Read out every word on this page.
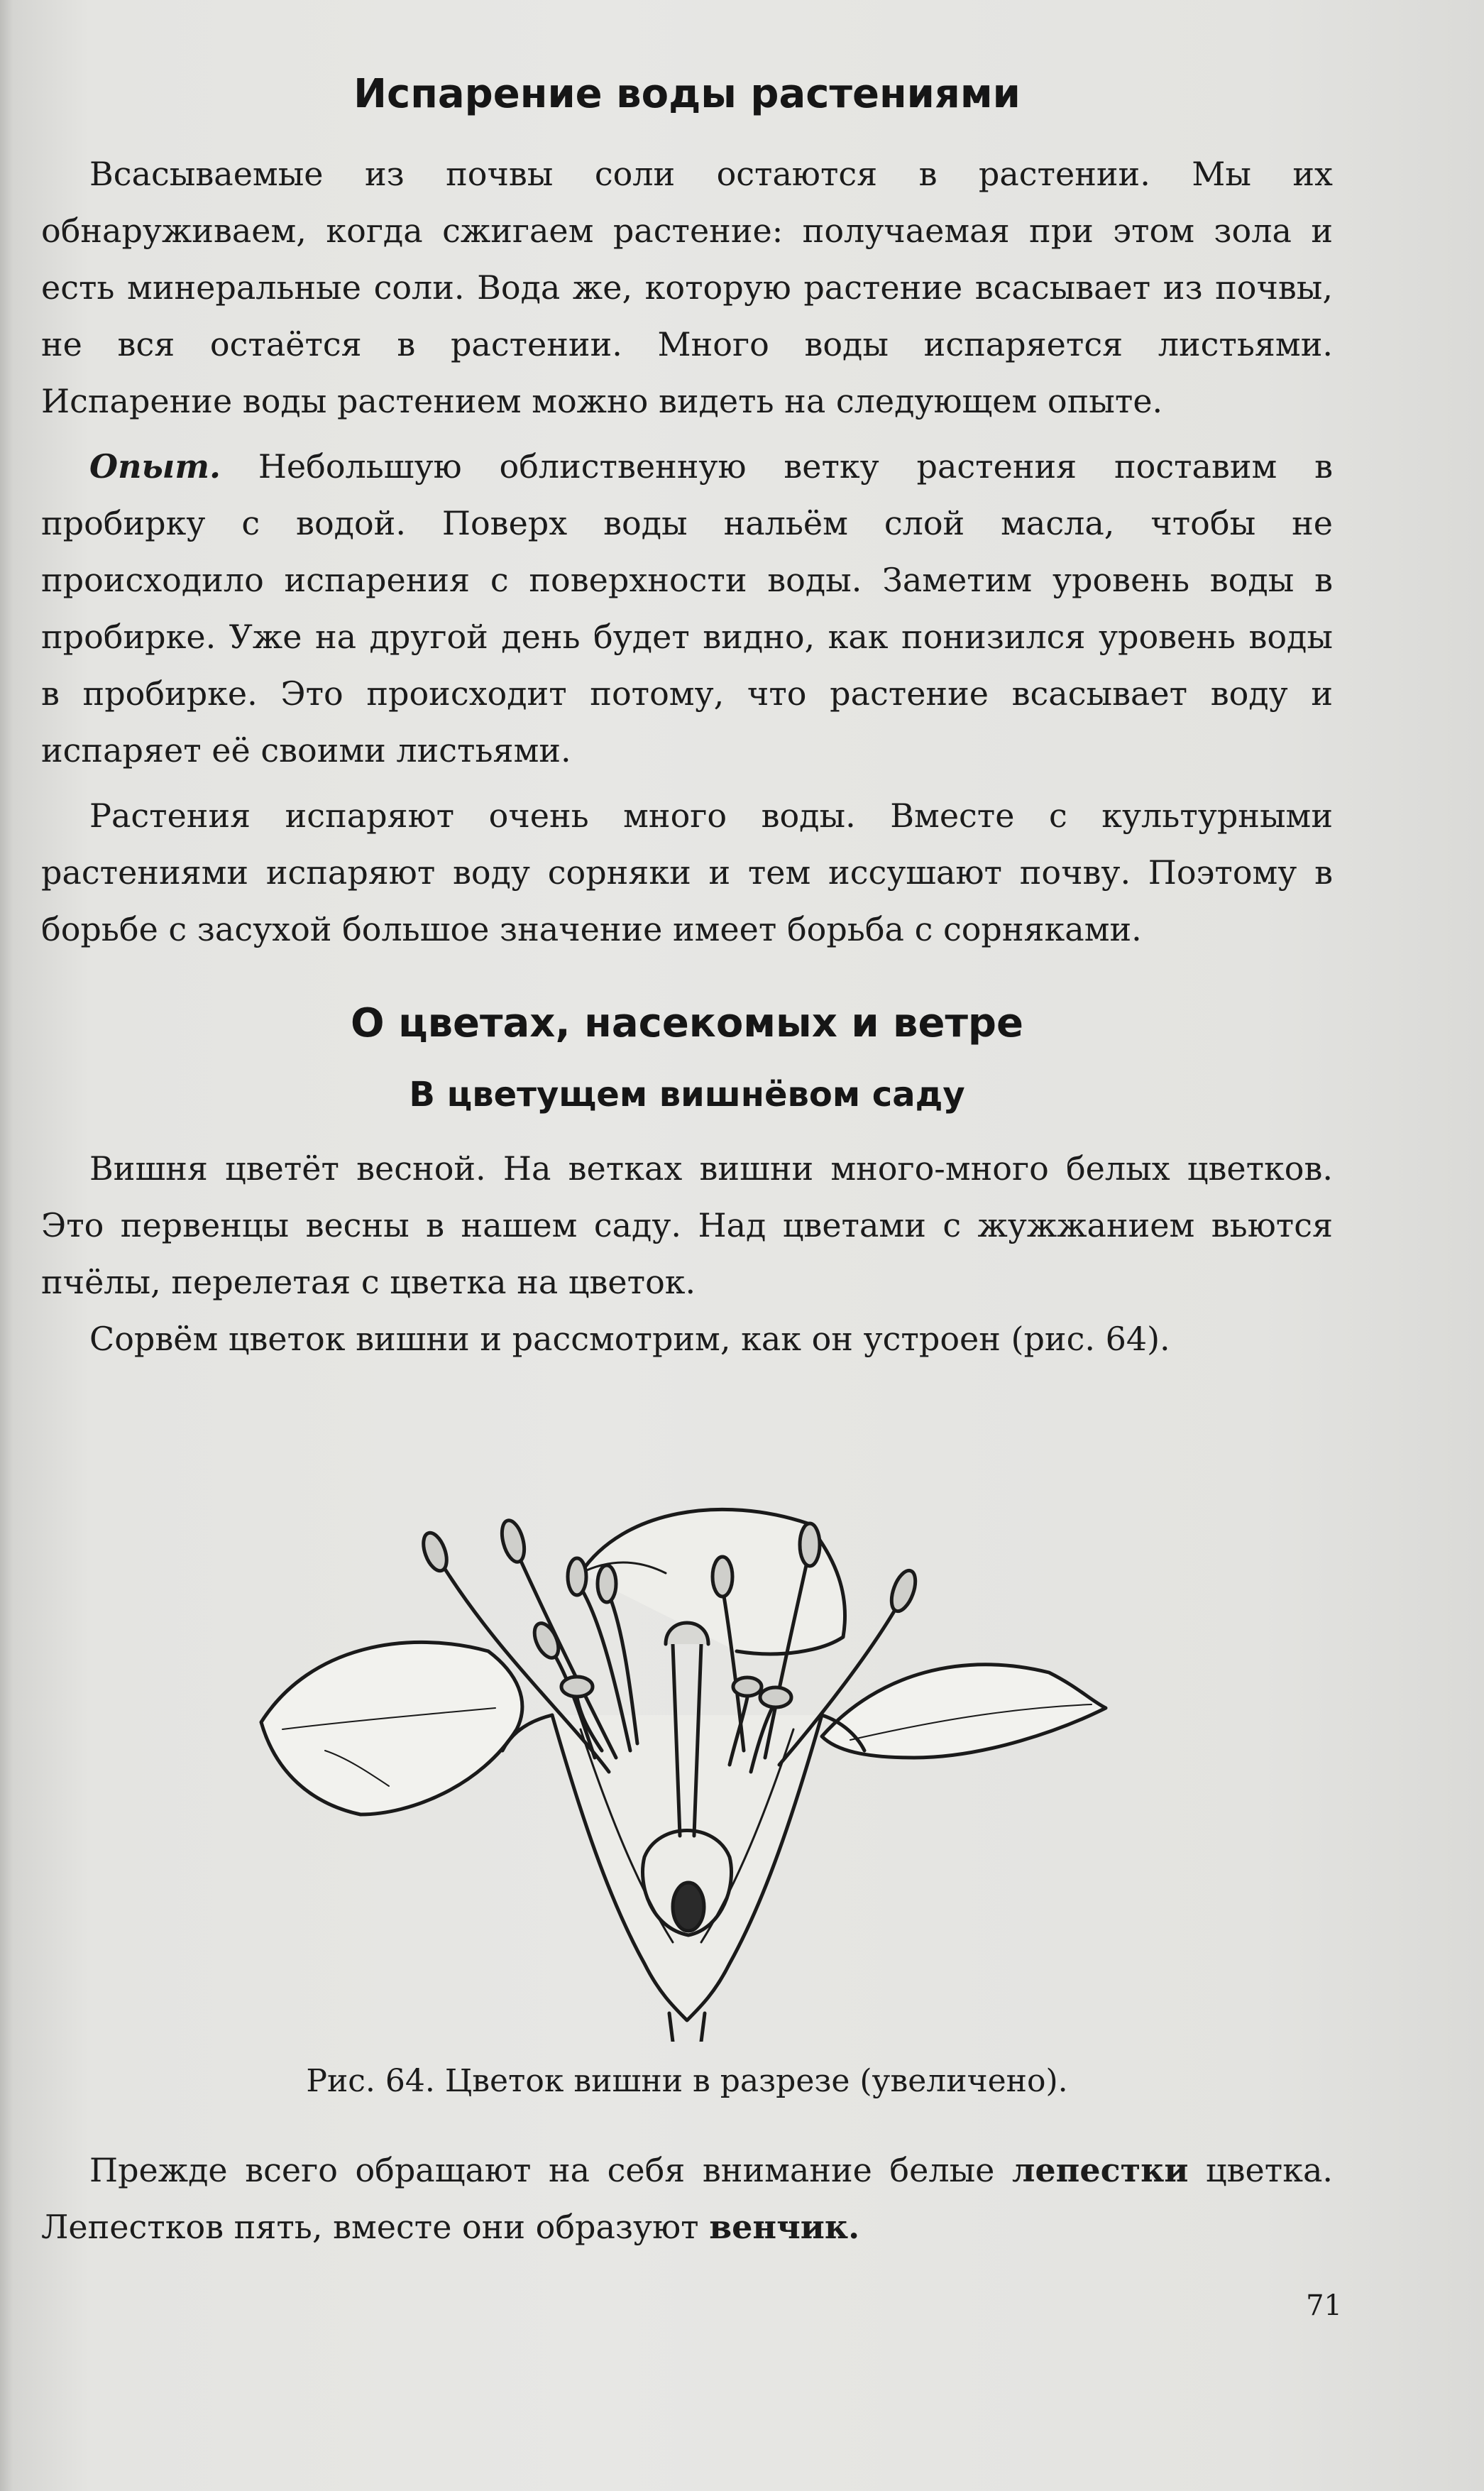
Испарение воды растениями

Всасываемые из почвы соли остаются в растении. Мы их обнаруживаем, когда сжигаем растение: получаемая при этом зола и есть минеральные соли. Вода же, которую растение всасывает из почвы, не вся остаётся в растении. Много воды испаряется листьями. Испарение воды растением можно видеть на следующем опыте.

Опыт. Небольшую облиственную ветку растения поставим в пробирку с водой. Поверх воды нальём слой масла, чтобы не происходило испарения с поверхности воды. Заметим уровень воды в пробирке. Уже на другой день будет видно, как понизился уровень воды в пробирке. Это происходит потому, что растение всасывает воду и испаряет её своими листьями.

Растения испаряют очень много воды. Вместе с культурными растениями испаряют воду сорняки и тем иссушают почву. Поэтому в борьбе с засухой большое значение имеет борьба с сорняками.

О цветах, насекомых и ветре
В цветущем вишнёвом саду

Вишня цветёт весной. На ветках вишни много-много белых цветков. Это первенцы весны в нашем саду. Над цветами с жужжанием вьются пчёлы, перелетая с цветка на цветок.

Сорвём цветок вишни и рассмотрим, как он устроен (рис. 64).

Рис. 64. Цветок вишни в разрезе (увеличено).

Прежде всего обращают на себя внимание белые лепестки цветка. Лепестков пять, вместе они образуют венчик.

71
